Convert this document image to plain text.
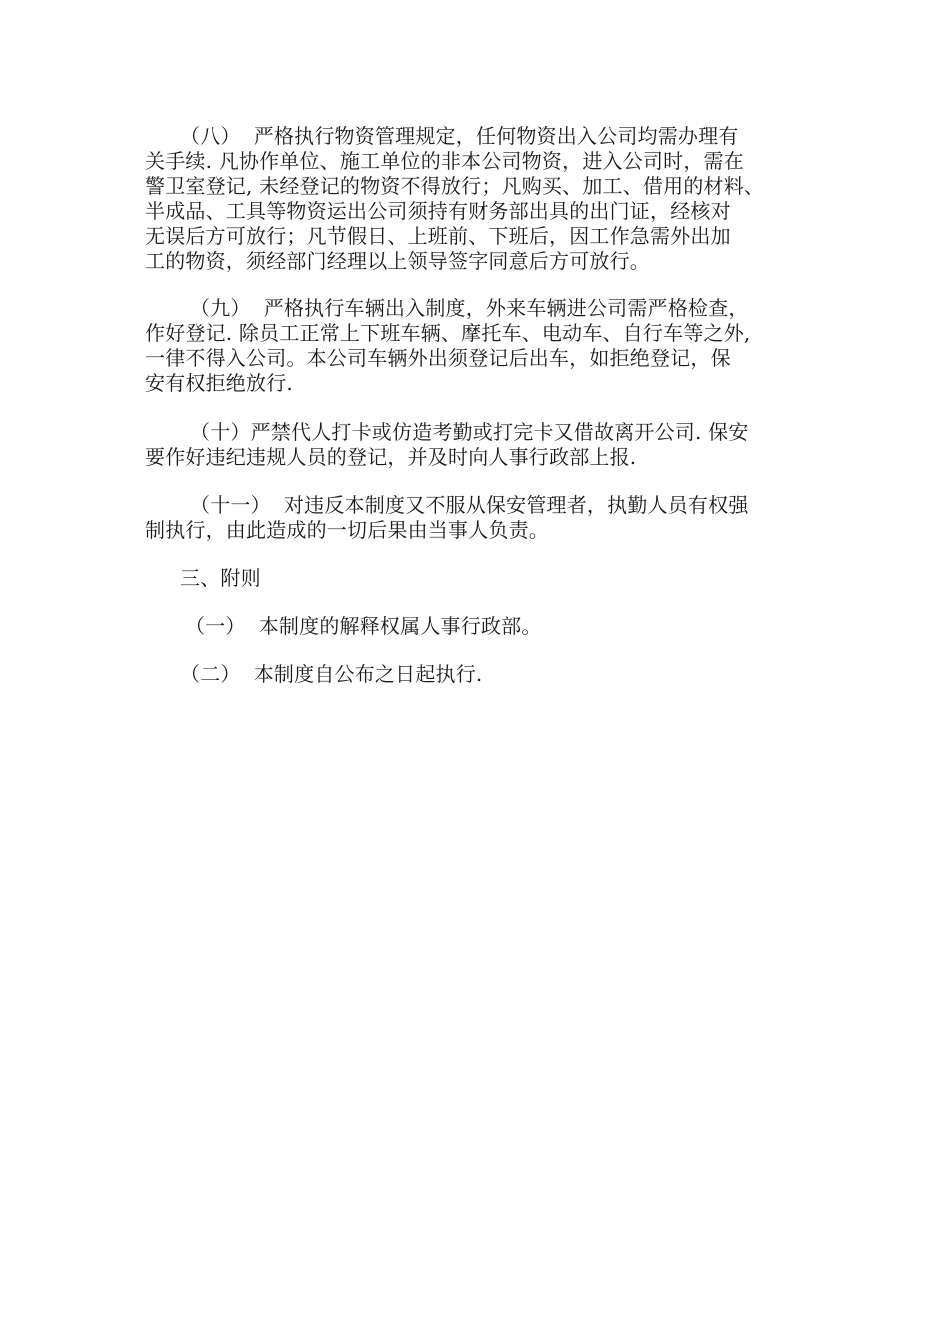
（八）  严格执行物资管理规定，任何物资出入公司均需办理有
关手续. 凡协作单位、施工单位的非本公司物资，进入公司时，需在
警卫室登记, 未经登记的物资不得放行；凡购买、加工、借用的材料、
半成品、工具等物资运出公司须持有财务部出具的出门证，经核对
无误后方可放行；凡节假日、上班前、下班后，因工作急需外出加
工的物资，须经部门经理以上领导签字同意后方可放行。
（九）  严格执行车辆出入制度，外来车辆进公司需严格检查，
作好登记. 除员工正常上下班车辆、摩托车、电动车、自行车等之外,
一律不得入公司。本公司车辆外出须登记后出车，如拒绝登记，保
安有权拒绝放行.
（十）严禁代人打卡或仿造考勤或打完卡又借故离开公司. 保安
要作好违纪违规人员的登记，并及时向人事行政部上报.
（十一）  对违反本制度又不服从保安管理者，执勤人员有权强
制执行，由此造成的一切后果由当事人负责。
三、附则
（一）  本制度的解释权属人事行政部。
（二）  本制度自公布之日起执行.
